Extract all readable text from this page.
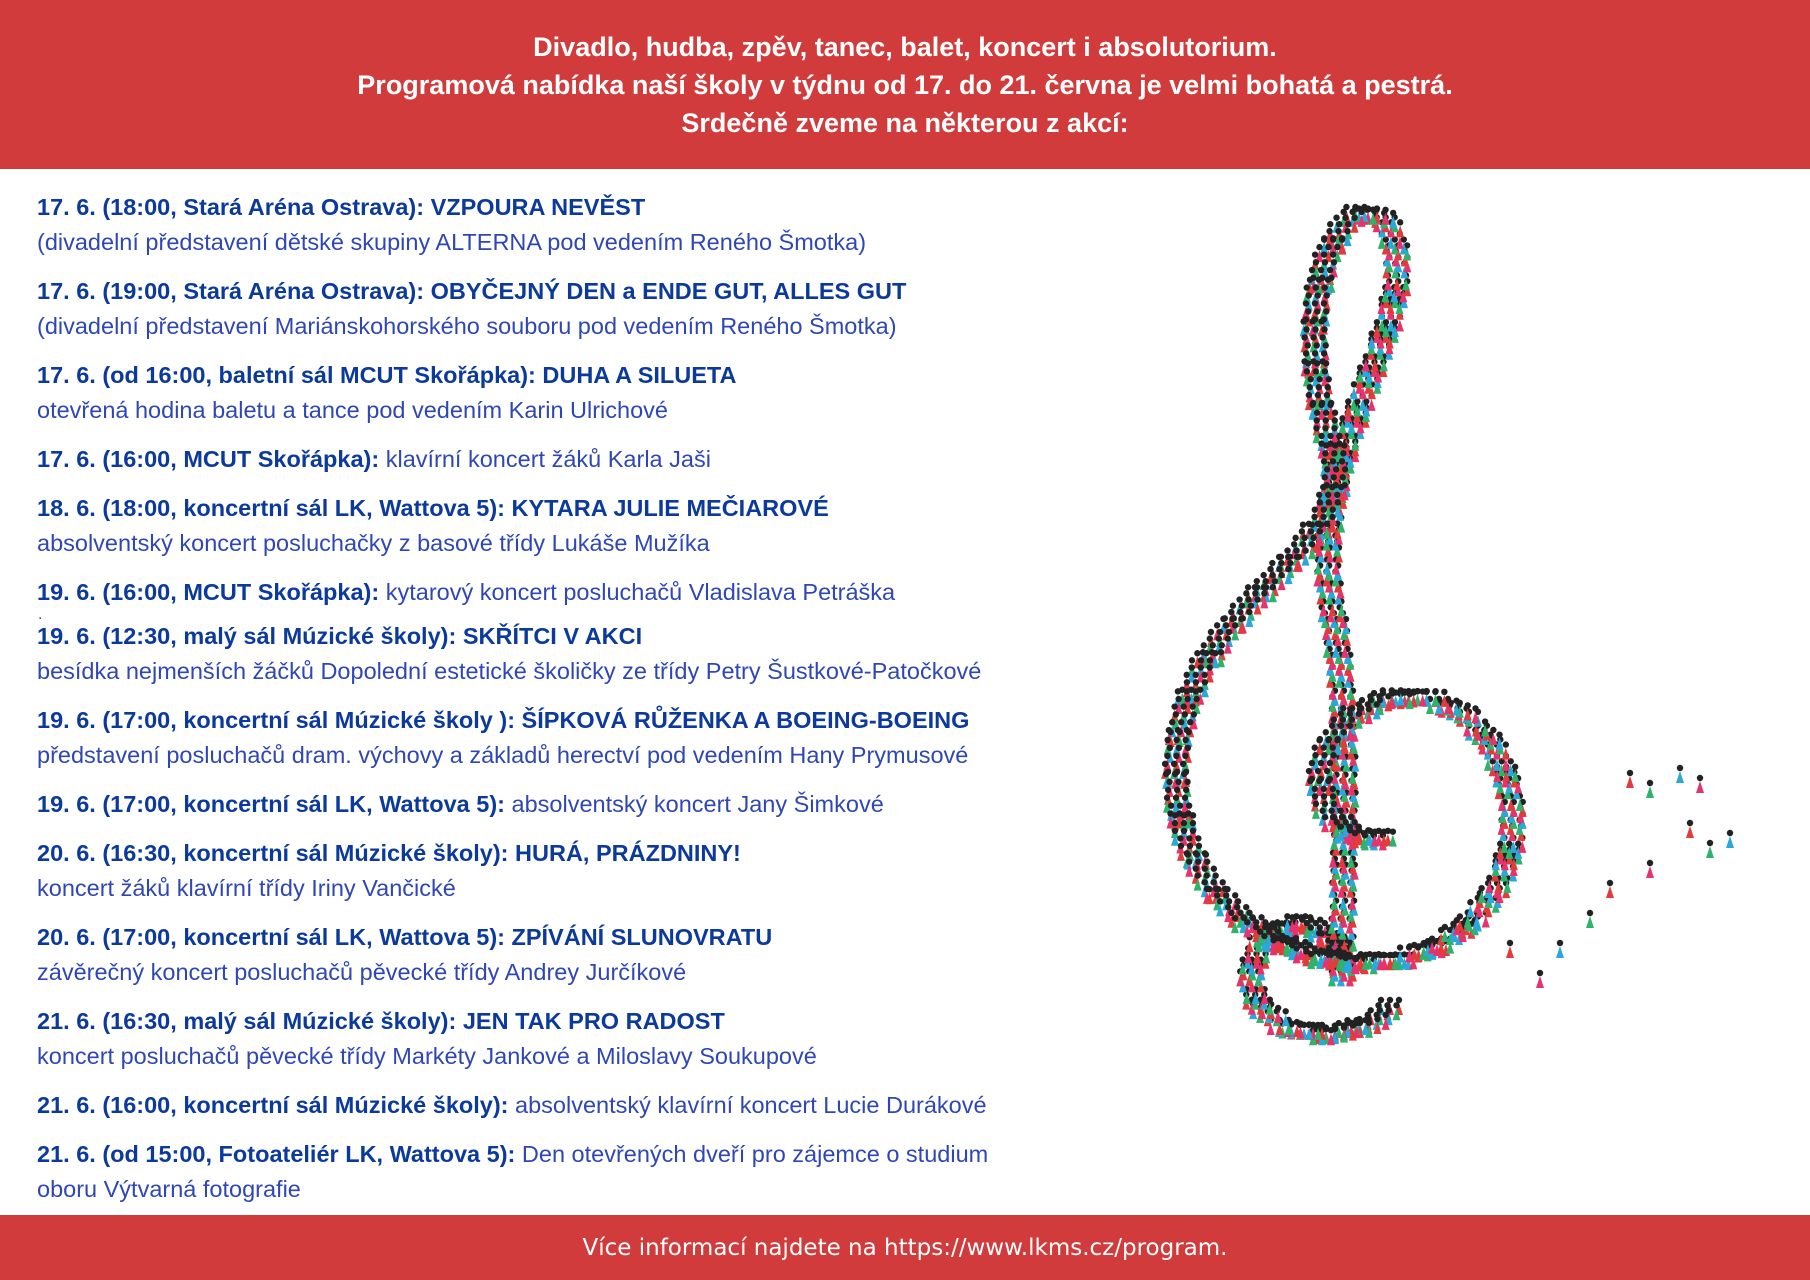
Divadlo, hudba, zpěv, tanec, balet, koncert i absolutorium.
Programová nabídka naší školy v týdnu od 17. do 21. června je velmi bohatá a pestrá.
Srdečně zveme na některou z akcí:
17. 6. (18:00, Stará Aréna Ostrava): VZPOURA NEVĚST
(divadelní představení dětské skupiny ALTERNA pod vedením Reného Šmotka)
17. 6. (19:00, Stará Aréna Ostrava): OBYČEJNÝ DEN a ENDE GUT, ALLES GUT
(divadelní představení Mariánskohorského souboru pod vedením Reného Šmotka)
17. 6. (od 16:00, baletní sál MCUT Skořápka): DUHA A SILUETA
otevřená hodina baletu a tance pod vedením Karin Ulrichové
17. 6. (16:00, MCUT Skořápka): klavírní koncert žáků Karla Jaši
18. 6. (18:00, koncertní sál LK, Wattova 5): KYTARA JULIE MEČIAROVÉ
absolventský koncert posluchačky z basové třídy Lukáše Mužíka
19. 6. (16:00, MCUT Skořápka): kytarový koncert posluchačů Vladislava Petráška
19. 6. (12:30, malý sál Múzické školy): SKŘÍTCI V AKCI
besídka nejmenších žáčků Dopolední estetické školičky ze třídy Petry Šustkové-Patočkové
19. 6. (17:00, koncertní sál Múzické školy ): ŠÍPKOVÁ RŮŽENKA A BOEING-BOEING
představení posluchačů dram. výchovy a základů herectví pod vedením Hany Prymusové
19. 6. (17:00, koncertní sál LK, Wattova 5): absolventský koncert Jany Šimkové
20. 6. (16:30, koncertní sál Múzické školy): HURÁ, PRÁZDNINY!
koncert žáků klavírní třídy Iriny Vančické
20. 6. (17:00, koncertní sál LK, Wattova 5): ZPÍVÁNÍ SLUNOVRATU
závěrečný koncert posluchačů pěvecké třídy Andrey Jurčíkové
21. 6. (16:30, malý sál Múzické školy): JEN TAK PRO RADOST
koncert posluchačů pěvecké třídy Markéty Jankové a Miloslavy Soukupové
21. 6. (16:00, koncertní sál Múzické školy): absolventský klavírní koncert Lucie Durákové
21. 6. (od 15:00, Fotoateliér LK, Wattova 5): Den otevřených dveří pro zájemce o studium
oboru Výtvarná fotografie
.
Více informací najdete na https://www.lkms.cz/program.
